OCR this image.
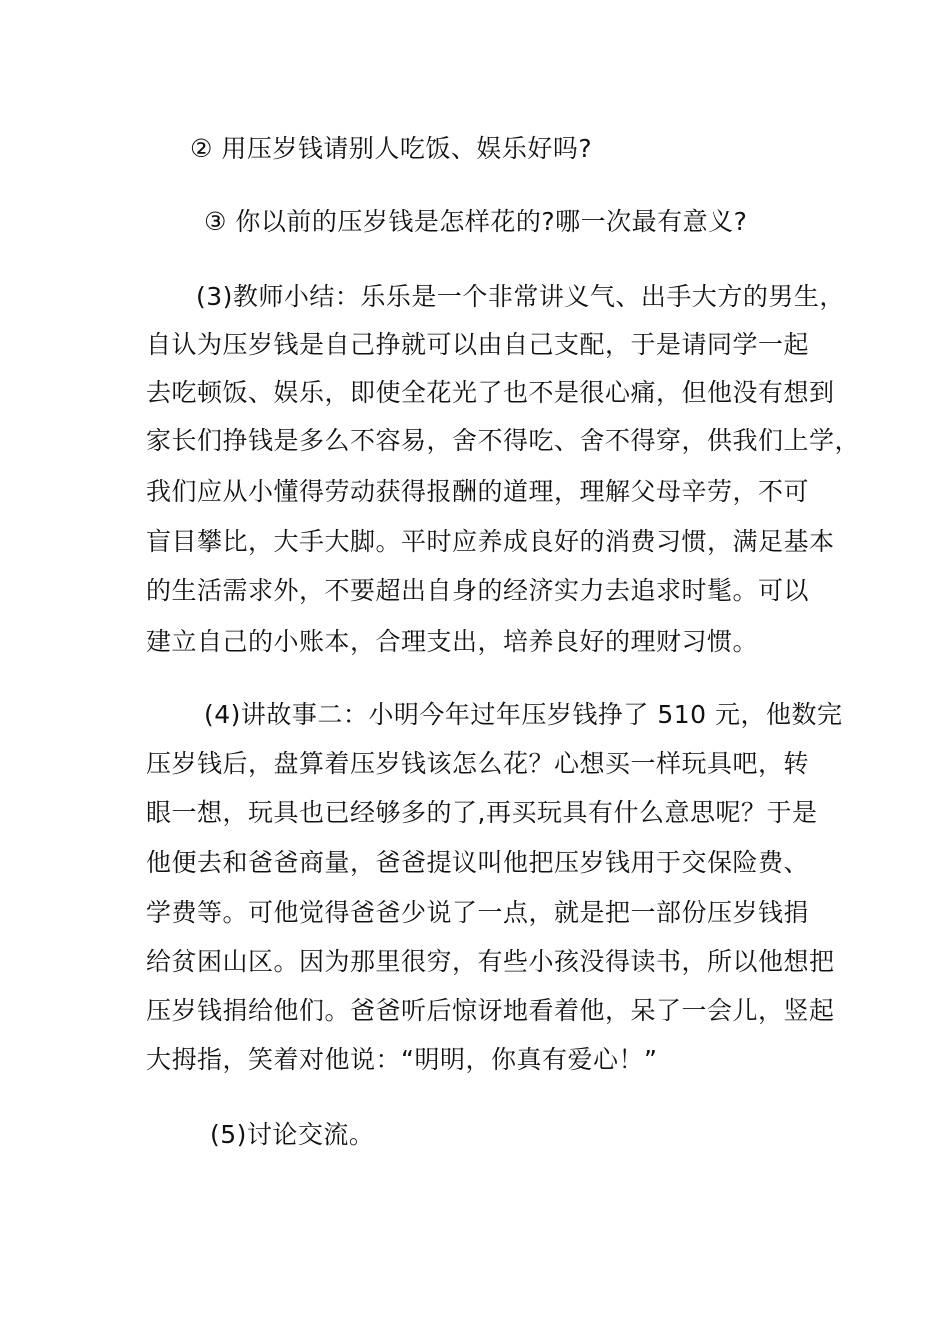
② 用压岁钱请别人吃饭、娱乐好吗?
③ 你以前的压岁钱是怎样花的?哪一次最有意义?
(3)教师小结：乐乐是一个非常讲义气、出手大方的男生，
自认为压岁钱是自己挣就可以由自己支配，于是请同学一起
去吃顿饭、娱乐，即使全花光了也不是很心痛，但他没有想到
家长们挣钱是多么不容易，舍不得吃、舍不得穿，供我们上学，
我们应从小懂得劳动获得报酬的道理，理解父母辛劳，不可
盲目攀比，大手大脚。平时应养成良好的消费习惯，满足基本
的生活需求外，不要超出自身的经济实力去追求时髦。可以
建立自己的小账本，合理支出，培养良好的理财习惯。
(4)讲故事二：小明今年过年压岁钱挣了 510 元，他数完
压岁钱后，盘算着压岁钱该怎么花？心想买一样玩具吧，转
眼一想，玩具也已经够多的了,再买玩具有什么意思呢？于是
他便去和爸爸商量，爸爸提议叫他把压岁钱用于交保险费、
学费等。可他觉得爸爸少说了一点，就是把一部份压岁钱捐
给贫困山区。因为那里很穷，有些小孩没得读书，所以他想把
压岁钱捐给他们。爸爸听后惊讶地看着他，呆了一会儿，竖起
大拇指，笑着对他说：“明明，你真有爱心！”
(5)讨论交流。
